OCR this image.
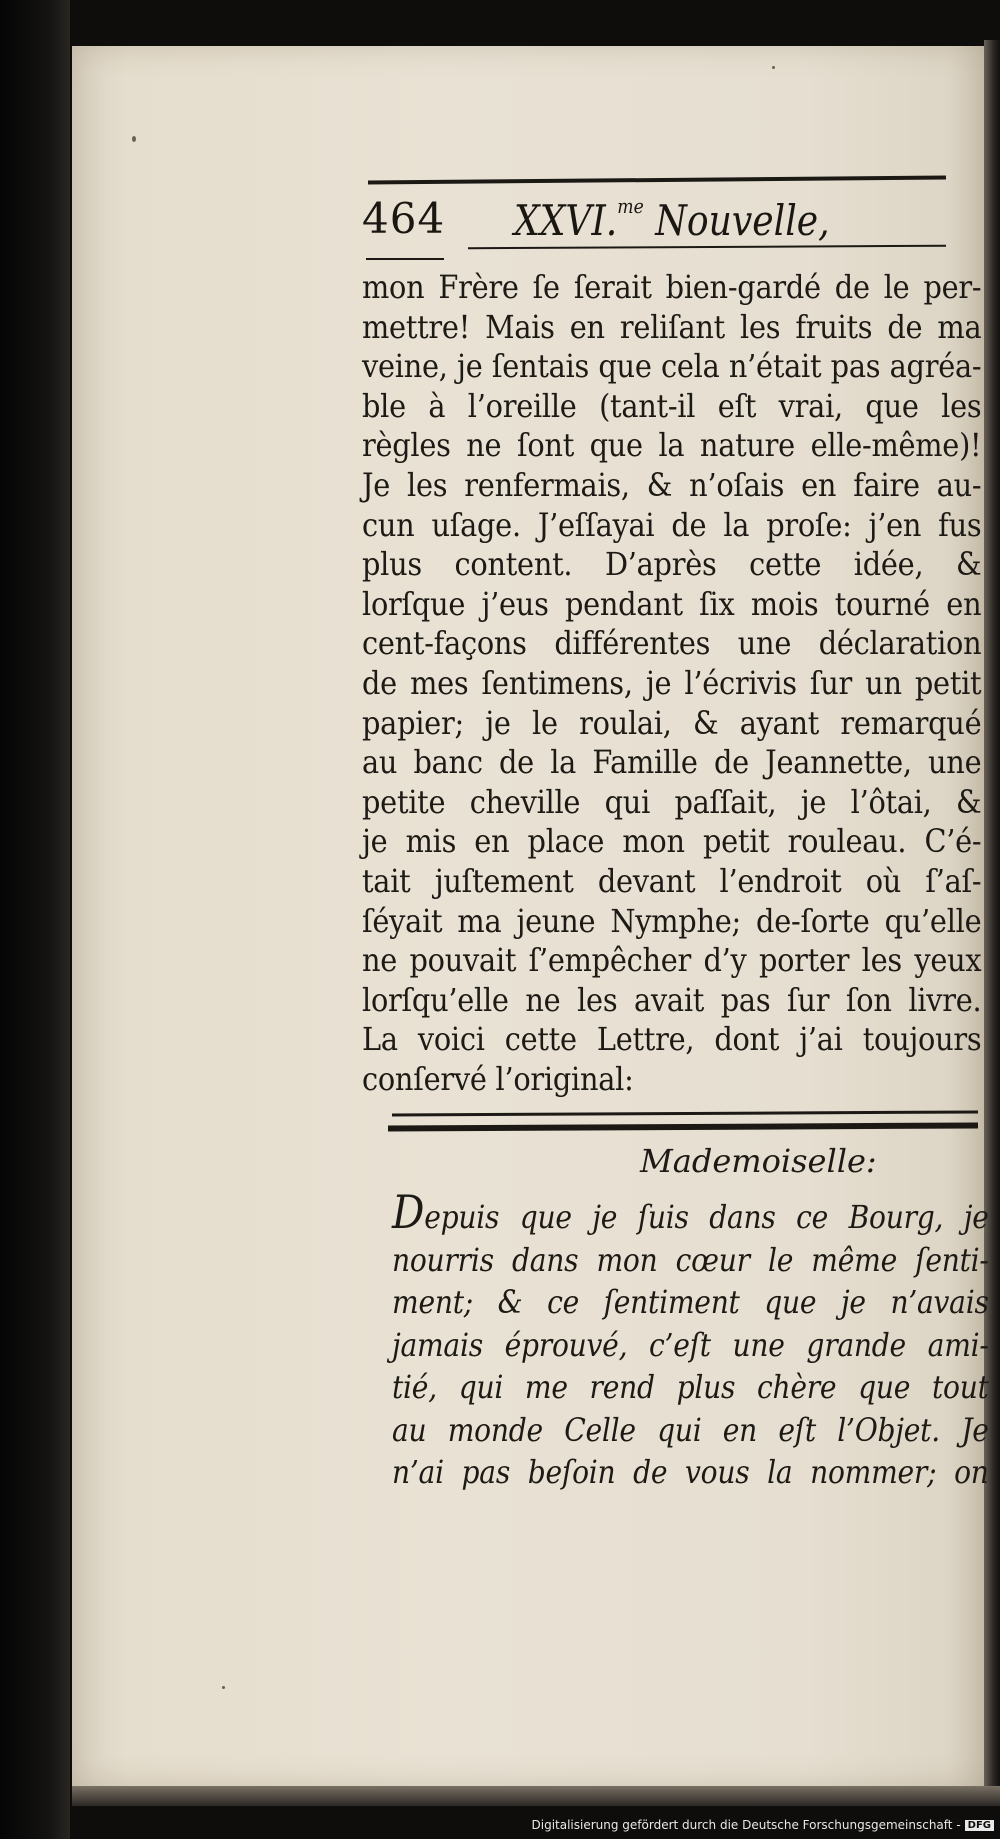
464 XXVI.$^{me}$ Nouvelle,
mon Frère ſe ſerait bien-gardé de le per-
mettre! Mais en reliſant les fruits de ma
veine, je ſentais que cela n’était pas agréa-
ble à l’oreille (tant-il eſt vrai, que les
règles ne ſont que la nature elle-même)!
Je les renfermais, & n’oſais en faire au-
cun uſage. J’eſſayai de la proſe: j’en fus
plus content. D’après cette idée, &
lorſque j’eus pendant ſix mois tourné en
cent-façons différentes une déclaration
de mes ſentimens, je l’écrivis ſur un petit
papier; je le roulai, & ayant remarqué
au banc de la Famille de Jeannette, une
petite cheville qui paſſait, je l’ôtai, &
je mis en place mon petit rouleau. C’é-
tait juſtement devant l’endroit où ſ’aſ-
ſéyait ma jeune Nymphe; de-ſorte qu’elle
ne pouvait ſ’empêcher d’y porter les yeux
lorſqu’elle ne les avait pas ſur ſon livre.
La voici cette Lettre, dont j’ai toujours
conſervé l’original:
Mademoiselle:
Depuis que je ſuis dans ce Bourg, je
nourris dans mon cœur le même ſenti-
ment; & ce ſentiment que je n’avais
jamais éprouvé, c’eſt une grande ami-
tié, qui me rend plus chère que tout
au monde Celle qui en eſt l’Objet. Je
n’ai pas beſoin de vous la nommer; on
Digitalisierung gefördert durch die Deutsche Forschungsgemeinschaft - DFG
